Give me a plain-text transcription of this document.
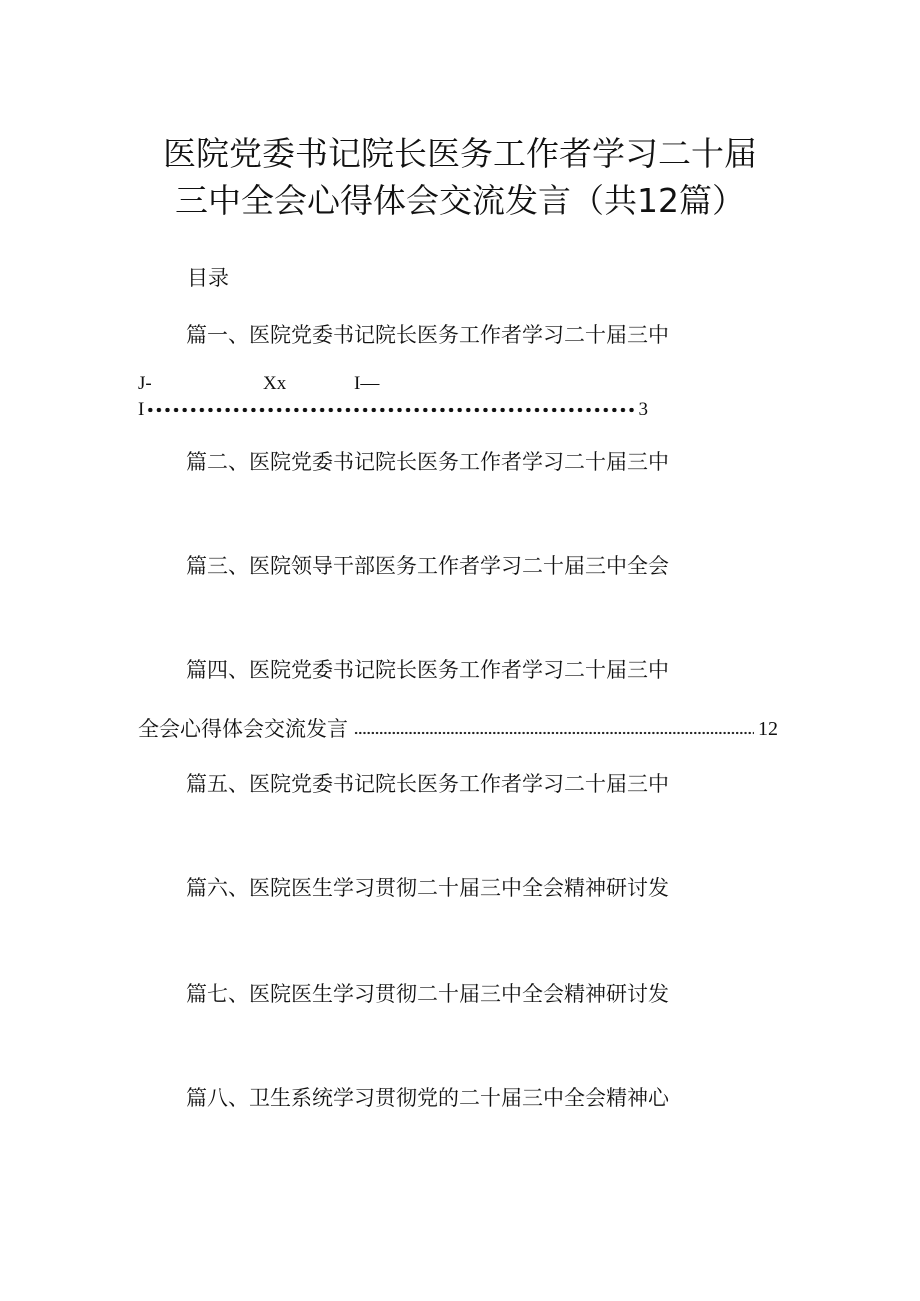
医院党委书记院长医务工作者学习二十届
三中全会心得体会交流发言（共12篇）
目录
篇一、医院党委书记院长医务工作者学习二十届三中
J-	Xx	I—
I	3
篇二、医院党委书记院长医务工作者学习二十届三中
篇三、医院领导干部医务工作者学习二十届三中全会
篇四、医院党委书记院长医务工作者学习二十届三中
全会心得体会交流发言	12
篇五、医院党委书记院长医务工作者学习二十届三中
篇六、医院医生学习贯彻二十届三中全会精神研讨发
篇七、医院医生学习贯彻二十届三中全会精神研讨发
篇八、卫生系统学习贯彻党的二十届三中全会精神心
